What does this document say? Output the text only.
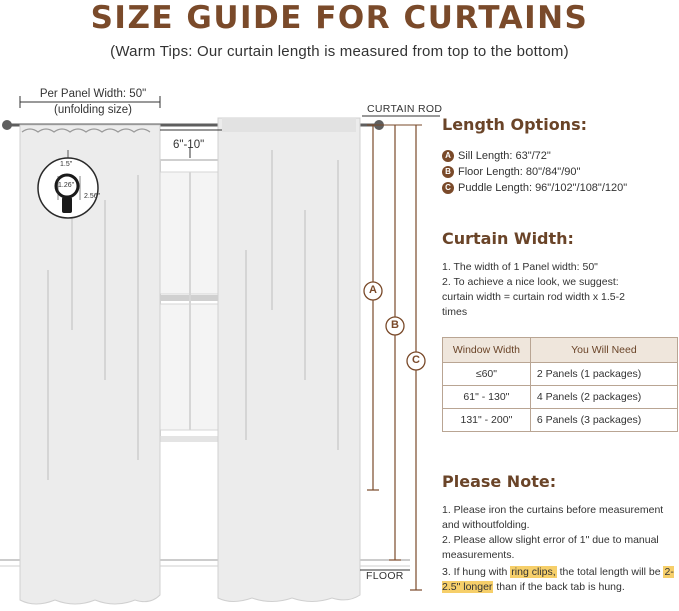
SIZE GUIDE FOR CURTAINS
(Warm Tips: Our curtain length is measured from top to the bottom)
Per Panel Width: 50"
(unfolding size)	CURTAIN ROD
FLOOR
6"-10"
1.5"
1.26"
2.56"
A
B
C
Length Options:
A Sill Length: 63"/72"
B Floor Length: 80"/84"/90"
C Puddle Length: 96"/102"/108"/120"
Curtain Width:
1. The width of 1 Panel width: 50"
2. To achieve a nice look, we suggest: curtain width = curtain rod width x 1.5-2 times
Window Width	You Will Need
≤60"	2 Panels (1 packages)
61" - 130"	4 Panels (2 packages)
131" - 200"	6 Panels (3 packages)
Please Note:
1. Please iron the curtains before measurement and withoutfolding.
2. Please allow slight error of 1" due to manual measurements.
3. If hung with ring clips, the total length will be 2-2.5" longer than if the back tab is hung.
